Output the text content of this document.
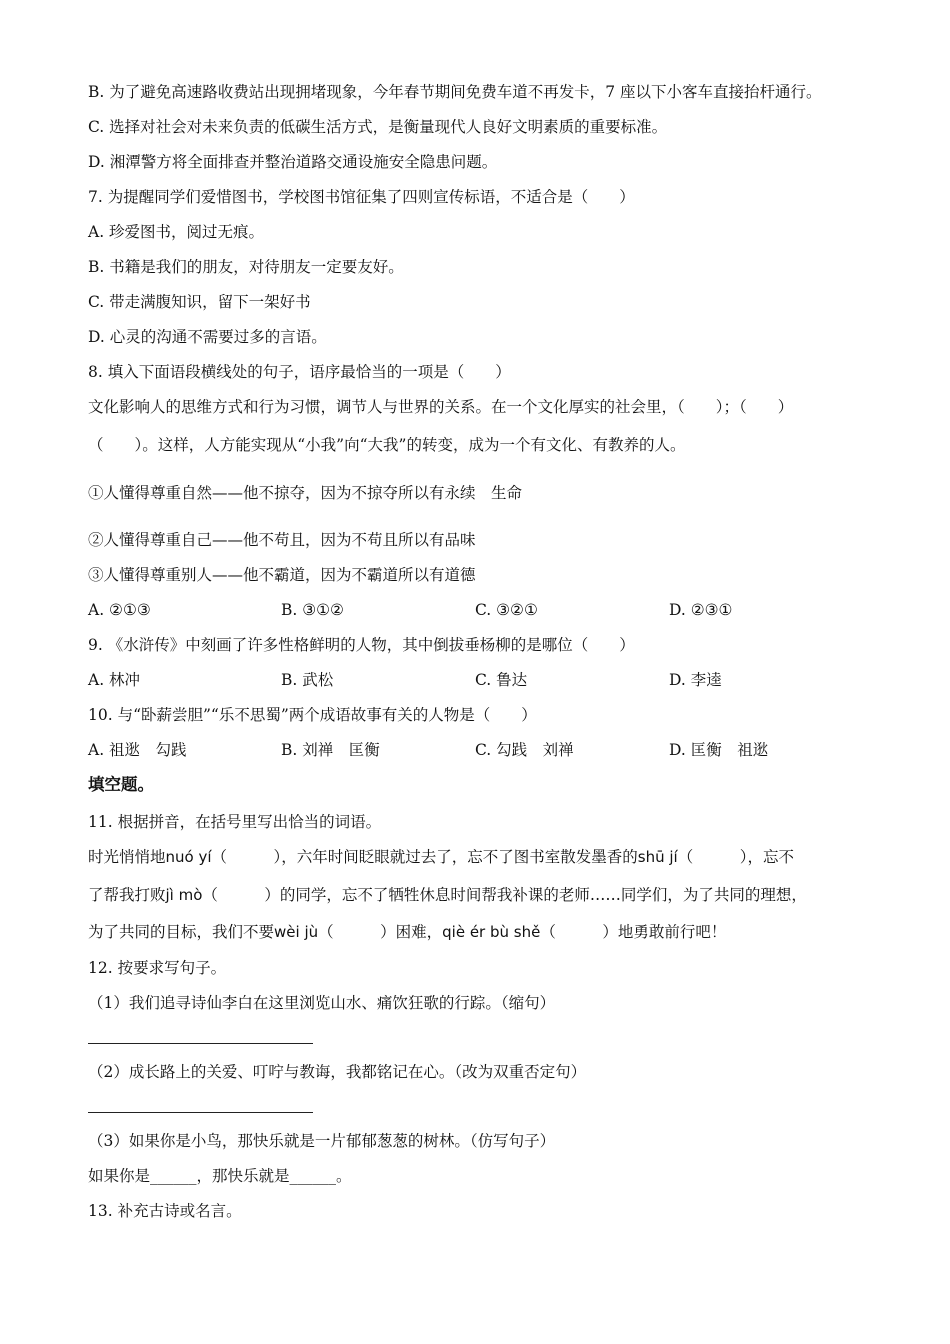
B. 为了避免高速路收费站出现拥堵现象，今年春节期间免费车道不再发卡，7 座以下小客车直接抬杆通行。
C. 选择对社会对未来负责的低碳生活方式，是衡量现代人良好文明素质的重要标准。
D. 湘潭警方将全面排查并整治道路交通设施安全隐患问题。
7. 为提醒同学们爱惜图书，学校图书馆征集了四则宣传标语，不适合是（　　）
A. 珍爱图书，阅过无痕。
B. 书籍是我们的朋友，对待朋友一定要友好。
C. 带走满腹知识，留下一架好书
D. 心灵的沟通不需要过多的言语。
8. 填入下面语段横线处的句子，语序最恰当的一项是（　　）
文化影响人的思维方式和行为习惯，调节人与世界的关系。在一个文化厚实的社会里，（　　）；（　　）
（　　）。这样，人方能实现从“小我”向“大我”的转变，成为一个有文化、有教养的人。
①人懂得尊重自然——他不掠夺，因为不掠夺所以有永续　生命
②人懂得尊重自己——他不苟且，因为不苟且所以有品味
③人懂得尊重别人——他不霸道，因为不霸道所以有道德
A. ②①③	B. ③①②	C. ③②①	D. ②③①
9. 《水浒传》中刻画了许多性格鲜明的人物，其中倒拔垂杨柳的是哪位（　　）
A. 林冲	B. 武松	C. 鲁达	D. 李逵
10. 与“卧薪尝胆”“乐不思蜀”两个成语故事有关的人物是（　　）
A. 祖逖　勾践	B. 刘禅　匡衡	C. 勾践　刘禅	D. 匡衡　祖逖
填空题。
11. 根据拼音，在括号里写出恰当的词语。
时光悄悄地nuó yí（　　　），六年时间眨眼就过去了，忘不了图书室散发墨香的shū jí（　　　），忘不
了帮我打败jì mò（　　　）的同学，忘不了牺牲休息时间帮我补课的老师……同学们，为了共同的理想，
为了共同的目标，我们不要wèi jù（　　　）困难，qiè ér bù shě（　　　）地勇敢前行吧！
12. 按要求写句子。
（1）我们追寻诗仙李白在这里浏览山水、痛饮狂歌的行踪。（缩句）
（2）成长路上的关爱、叮咛与教诲，我都铭记在心。（改为双重否定句）
（3）如果你是小鸟，那快乐就是一片郁郁葱葱的树林。（仿写句子）
如果你是______，那快乐就是______。
13. 补充古诗或名言。
